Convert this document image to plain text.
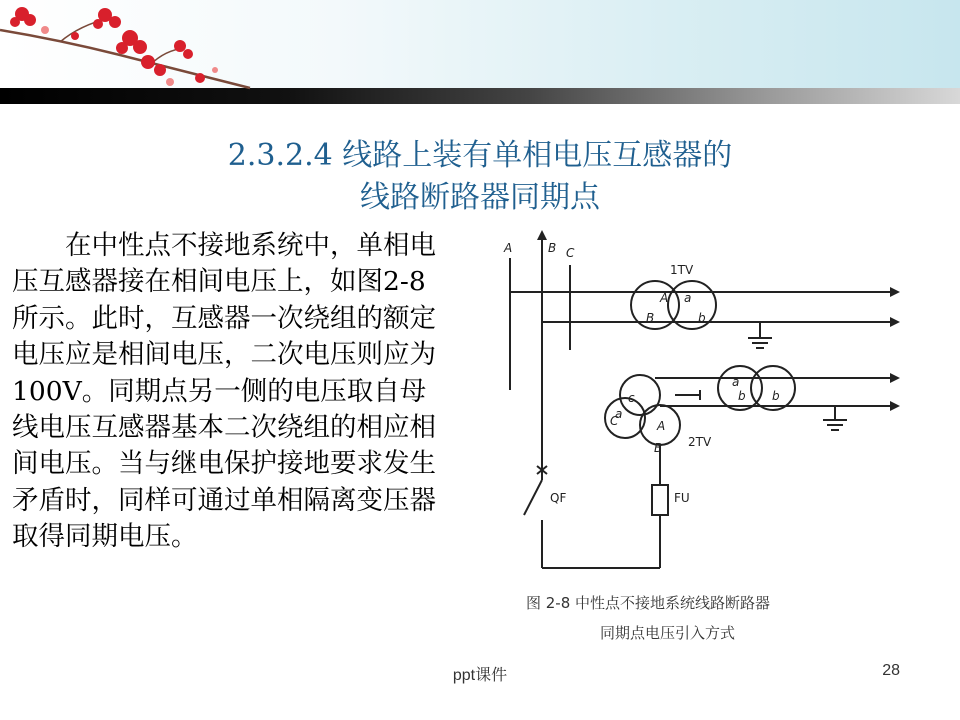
2.3.2.4 线路上装有单相电压互感器的
线路断路器同期点

在中性点不接地系统中，单相电压互感器接在相间电压上，如图2-8所示。此时，互感器一次绕组的额定电压应是相间电压，二次电压则应为100V。同期点另一侧的电压取自母线电压互感器基本二次绕组的相应相间电压。当与继电保护接地要求发生矛盾时，同样可通过单相隔离变压器取得同期电压。

A	B C
A
B
a
b
C	A
B
c
a
a
b b
1TV
2TV
QF	FU
图 2-8 中性点不接地系统线路断路器
同期点电压引入方式
ppt课件	28
